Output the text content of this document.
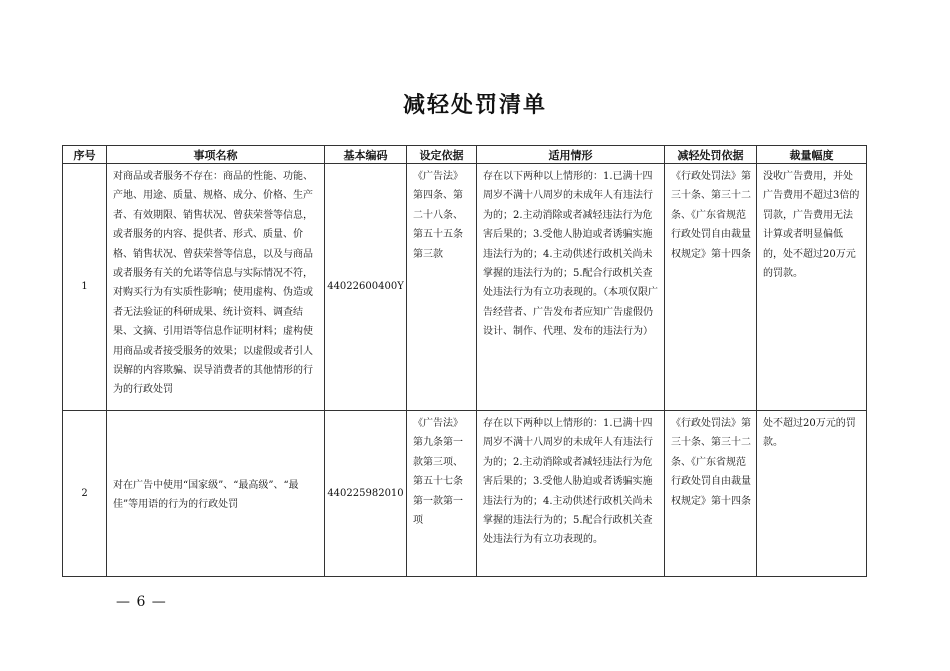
减轻处罚清单
序号	事项名称	基本编码	设定依据	适用情形	减轻处罚依据	裁量幅度
1	对商品或者服务不存在：商品的性能、功能、产地、用途、质量、规格、成分、价格、生产者、有效期限、销售状况、曾获荣誉等信息，或者服务的内容、提供者、形式、质量、价格、销售状况、曾获荣誉等信息，以及与商品或者服务有关的允诺等信息与实际情况不符，对购买行为有实质性影响；使用虚构、伪造或者无法验证的科研成果、统计资料、调查结果、文摘、引用语等信息作证明材料；虚构使用商品或者接受服务的效果；以虚假或者引人误解的内容欺骗、误导消费者的其他情形的行为的行政处罚	44022600400Y	《广告法》第四条、第二十八条、第五十五条第三款	存在以下两种以上情形的：1.已满十四周岁不满十八周岁的未成年人有违法行为的；2.主动消除或者减轻违法行为危害后果的；3.受他人胁迫或者诱骗实施违法行为的；4.主动供述行政机关尚未掌握的违法行为的；5.配合行政机关查处违法行为有立功表现的。（本项仅限广告经营者、广告发布者应知广告虚假仍设计、制作、代理、发布的违法行为）	《行政处罚法》第三十条、第三十二条、《广东省规范行政处罚自由裁量权规定》第十四条	没收广告费用，并处广告费用不超过3倍的罚款，广告费用无法计算或者明显偏低的，处不超过20万元的罚款。
2	对在广告中使用“国家级”、“最高级”、“最佳”等用语的行为的行政处罚	440225982010	《广告法》第九条第一款第三项、第五十七条第一款第一项	存在以下两种以上情形的：1.已满十四周岁不满十八周岁的未成年人有违法行为的；2.主动消除或者减轻违法行为危害后果的；3.受他人胁迫或者诱骗实施违法行为的；4.主动供述行政机关尚未掌握的违法行为的；5.配合行政机关查处违法行为有立功表现的。	《行政处罚法》第三十条、第三十二条、《广东省规范行政处罚自由裁量权规定》第十四条	处不超过20万元的罚款。
— 6 —
